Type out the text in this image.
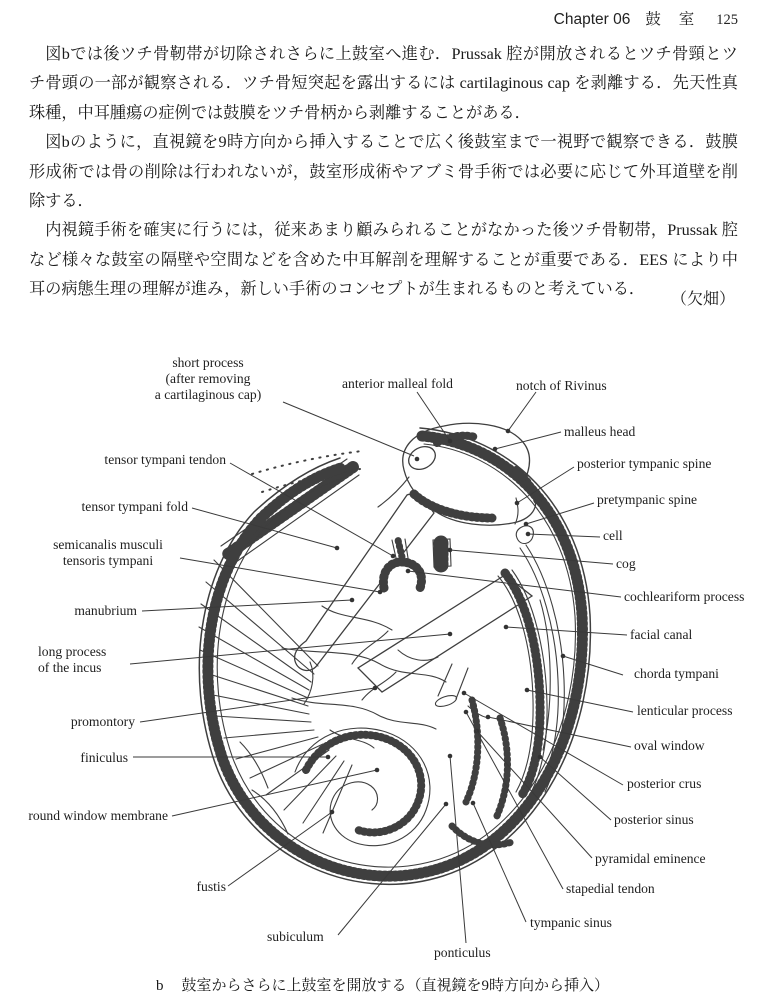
Chapter 06 鼓 室 125

図bでは後ツチ骨靭帯が切除されさらに上鼓室へ進む．Prussak 腔が開放されるとツチ骨頸とツチ骨頭の一部が観察される．ツチ骨短突起を露出するには cartilaginous cap を剥離する．先天性真珠種，中耳腫瘍の症例では鼓膜をツチ骨柄から剥離することがある．

図bのように，直視鏡を9時方向から挿入することで広く後鼓室まで一視野で観察できる．鼓膜形成術では骨の削除は行われないが，鼓室形成術やアブミ骨手術では必要に応じて外耳道壁を削除する．

内視鏡手術を確実に行うには，従来あまり顧みられることがなかった後ツチ骨靭帯，Prussak 腔など様々な鼓室の隔壁や空間などを含めた中耳解剖を理解することが重要である．EES により中耳の病態生理の理解が進み，新しい手術のコンセプトが生まれるものと考えている．

（欠畑）
short process
(after removing
a cartilaginous cap)
anterior malleal fold	notch of Rivinus
malleus head
posterior tympanic spine
pretympanic spine
cell
cog
cochleariform process
facial canal
chorda tympani
lenticular process
oval window
posterior crus
posterior sinus
pyramidal eminence
stapedial tendon
tympanic sinus
ponticulus
subiculum
fustis
round window membrane
finiculus
promontory
long process
of the incus
manubrium
semicanalis musculi
tensoris tympani
tensor tympani fold
tensor tympani tendon
b 鼓室からさらに上鼓室を開放する（直視鏡を9時方向から挿入）
